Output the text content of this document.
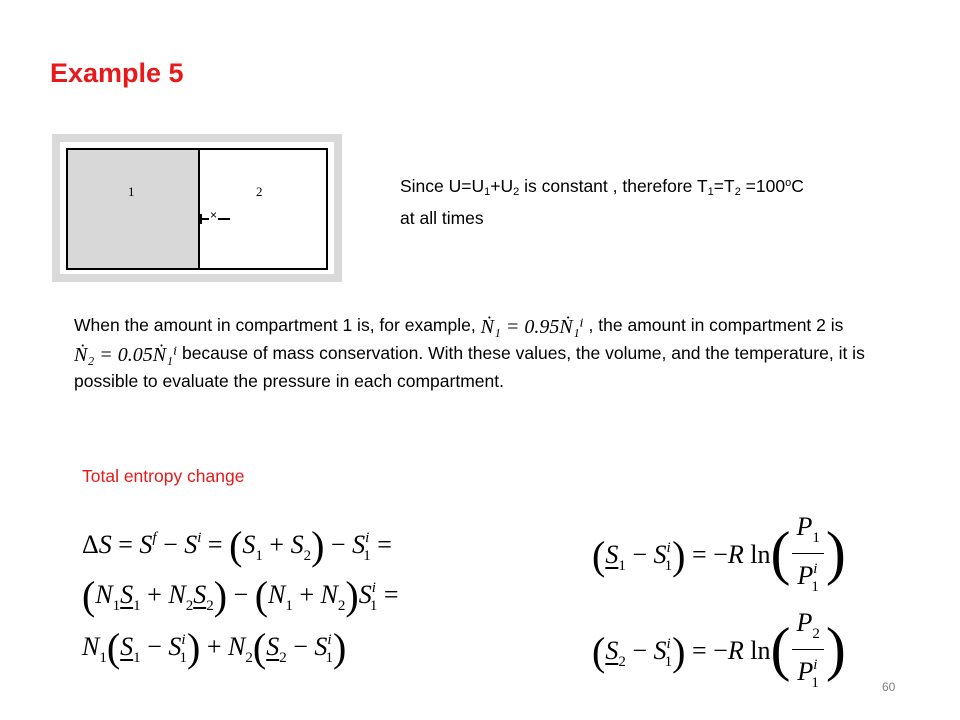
Example 5
1	2
×
Since $U=U_1+U_2$ is constant , therefore $T_1=T_2 =100^oC$ at all times
When the amount in compartment 1 is, for example, Ṅ₁ = 0.95Ṅ₁ⁱ , the amount in compartment 2 is Ṅ₂ = 0.05Ṅ₁ⁱ because of mass conservation. With these values, the volume, and the temperature, it is possible to evaluate the pressure in each compartment.
Total entropy change
$\Delta S = S^f - S^i = (S_1 + S_2) - S^i_1$ =
$(N_1S_1 + N_2S_2) - (N_1 + N_2)S^i_1$ =
$N_1(S_1 - S^i_1) + N_2(S_2 - S^i_1)$
$(S_1 - S^i_1) = -R$ $\ln( \frac{P_1}{P^i_1}$ )
$(S_2 - S^i_1) = -R$ $\ln( \frac{P_2}{P^i_1}$ )
60
